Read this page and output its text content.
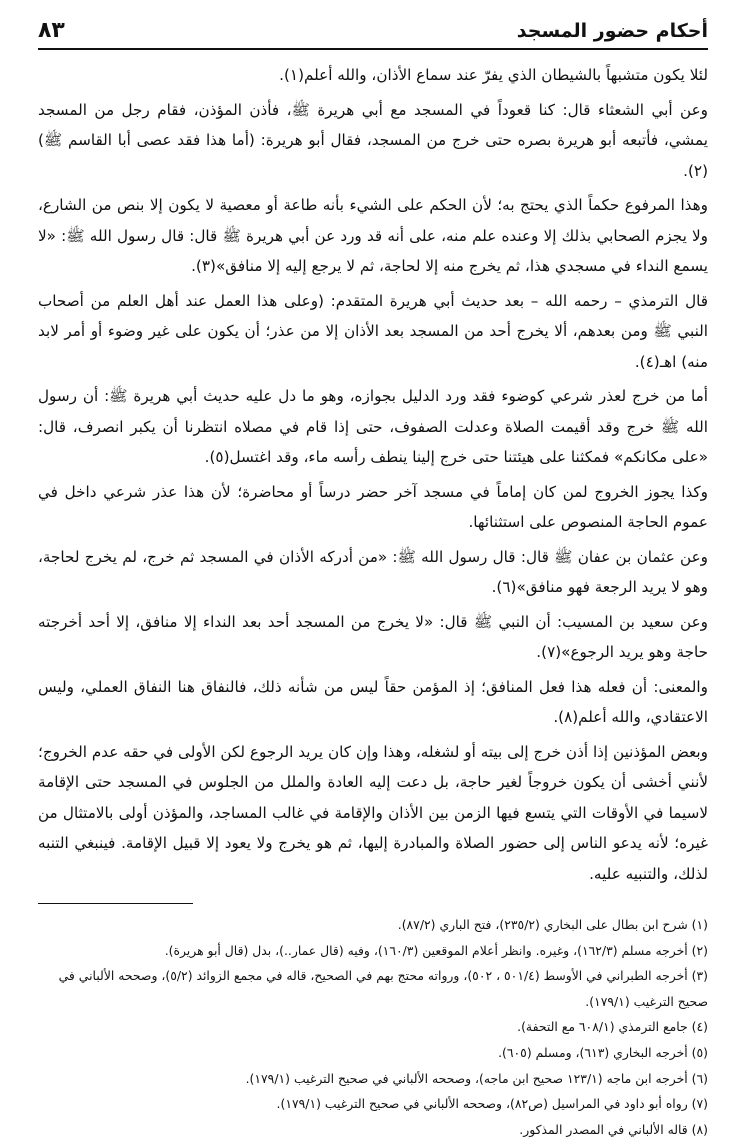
أحكام حضور المسجد
٨٣

لئلا يكون متشبهاً بالشيطان الذي يفرّ عند سماع الأذان، والله أعلم(١).

وعن أبي الشعثاء قال: كنا قعوداً في المسجد مع أبي هريرة ﷺ، فأذن المؤذن، فقام رجل من المسجد يمشي، فأتبعه أبو هريرة بصره حتى خرج من المسجد، فقال أبو هريرة: (أما هذا فقد عصى أبا القاسم ﷺ)(٢).

وهذا المرفوع حكماً الذي يحتج به؛ لأن الحكم على الشيء بأنه طاعة أو معصية لا يكون إلا بنص من الشارع، ولا يجزم الصحابي بذلك إلا وعنده علم منه، على أنه قد ورد عن أبي هريرة ﷺ قال: قال رسول الله ﷺ: «لا يسمع النداء في مسجدي هذا، ثم يخرج منه إلا لحاجة، ثم لا يرجع إليه إلا منافق»(٣).

قال الترمذي – رحمه الله – بعد حديث أبي هريرة المتقدم: (وعلى هذا العمل عند أهل العلم من أصحاب النبي ﷺ ومن بعدهم، ألا يخرج أحد من المسجد بعد الأذان إلا من عذر؛ أن يكون على غير وضوء أو أمر لابد منه) اهـ(٤).

أما من خرج لعذر شرعي كوضوء فقد ورد الدليل بجوازه، وهو ما دل عليه حديث أبي هريرة ﷺ: أن رسول الله ﷺ خرج وقد أقيمت الصلاة وعدلت الصفوف، حتى إذا قام في مصلاه انتظرنا أن يكبر انصرف، قال: «على مكانكم» فمكثنا على هيئتنا حتى خرج إلينا ينطف رأسه ماء، وقد اغتسل(٥).

وكذا يجوز الخروج لمن كان إماماً في مسجد آخر حضر درساً أو محاضرة؛ لأن هذا عذر شرعي داخل في عموم الحاجة المنصوص على استثنائها.

وعن عثمان بن عفان ﷺ قال: قال رسول الله ﷺ: «من أدركه الأذان في المسجد ثم خرج، لم يخرج لحاجة، وهو لا يريد الرجعة فهو منافق»(٦).

وعن سعيد بن المسيب: أن النبي ﷺ قال: «لا يخرج من المسجد أحد بعد النداء إلا منافق، إلا أحد أخرجته حاجة وهو يريد الرجوع»(٧).

والمعنى: أن فعله هذا فعل المنافق؛ إذ المؤمن حقاً ليس من شأنه ذلك، فالنفاق هنا النفاق العملي، وليس الاعتقادي، والله أعلم(٨).

وبعض المؤذنين إذا أذن خرج إلى بيته أو لشغله، وهذا وإن كان يريد الرجوع لكن الأولى في حقه عدم الخروج؛ لأنني أخشى أن يكون خروجاً لغير حاجة، بل دعت إليه العادة والملل من الجلوس في المسجد حتى الإقامة لاسيما في الأوقات التي يتسع فيها الزمن بين الأذان والإقامة في غالب المساجد، والمؤذن أولى بالامتثال من غيره؛ لأنه يدعو الناس إلى حضور الصلاة والمبادرة إليها، ثم هو يخرج ولا يعود إلا قبيل الإقامة. فينبغي التنبه لذلك، والتنبيه عليه.

(١) شرح ابن بطال على البخاري (٢٣٥/٢)، فتح الباري (٨٧/٢).

(٢) أخرجه مسلم (١٦٢/٣)، وغيره. وانظر أعلام الموقعين (١٦٠/٣)، وفيه (قال عمار..)، بدل (قال أبو هريرة).

(٣) أخرجه الطبراني في الأوسط (٥٠١/٤ ، ٥٠٢)، ورواته محتج بهم في الصحيح، قاله في مجمع الزوائد (٥/٢)، وصححه الألباني في صحيح الترغيب (١٧٩/١).

(٤) جامع الترمذي (٦٠٨/١ مع التحفة).

(٥) أخرجه البخاري (٦١٣)، ومسلم (٦٠٥).

(٦) أخرجه ابن ماجه (١٢٣/١ صحيح ابن ماجه)، وصححه الألباني في صحيح الترغيب (١٧٩/١).

(٧) رواه أبو داود في المراسيل (ص٨٢)، وصححه الألباني في صحيح الترغيب (١٧٩/١).

(٨) قاله الألباني في المصدر المذكور.
